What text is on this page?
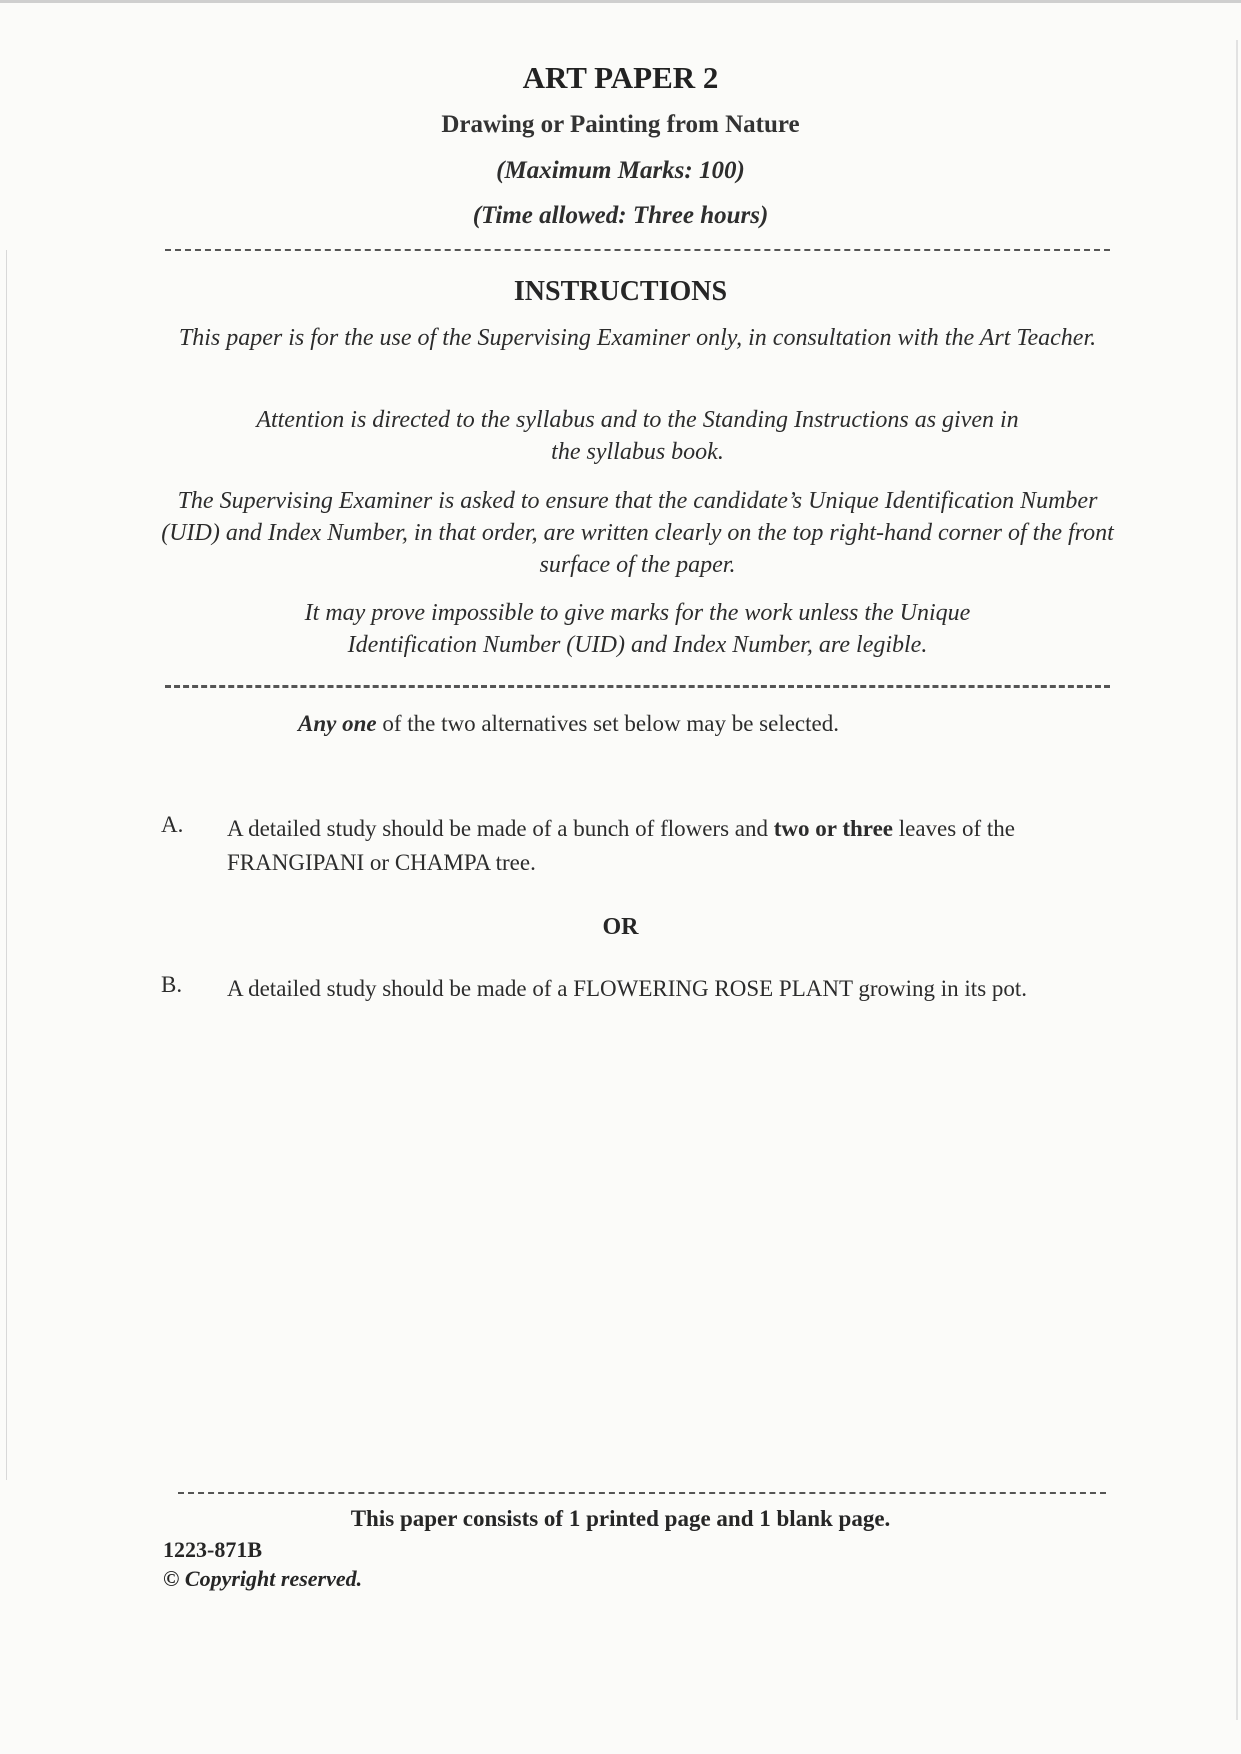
ART PAPER 2
Drawing or Painting from Nature
(Maximum Marks: 100)
(Time allowed: Three hours)
INSTRUCTIONS
This paper is for the use of the Supervising Examiner only, in consultation with the Art Teacher.
Attention is directed to the syllabus and to the Standing Instructions as given in the syllabus book.
The Supervising Examiner is asked to ensure that the candidate’s Unique Identification Number (UID) and Index Number, in that order, are written clearly on the top right-hand corner of the front surface of the paper.
It may prove impossible to give marks for the work unless the Unique Identification Number (UID) and Index Number, are legible.
Any one of the two alternatives set below may be selected.
A. A detailed study should be made of a bunch of flowers and two or three leaves of the FRANGIPANI or CHAMPA tree.
OR
B. A detailed study should be made of a FLOWERING ROSE PLANT growing in its pot.
This paper consists of 1 printed page and 1 blank page.
1223-871B
© Copyright reserved.
